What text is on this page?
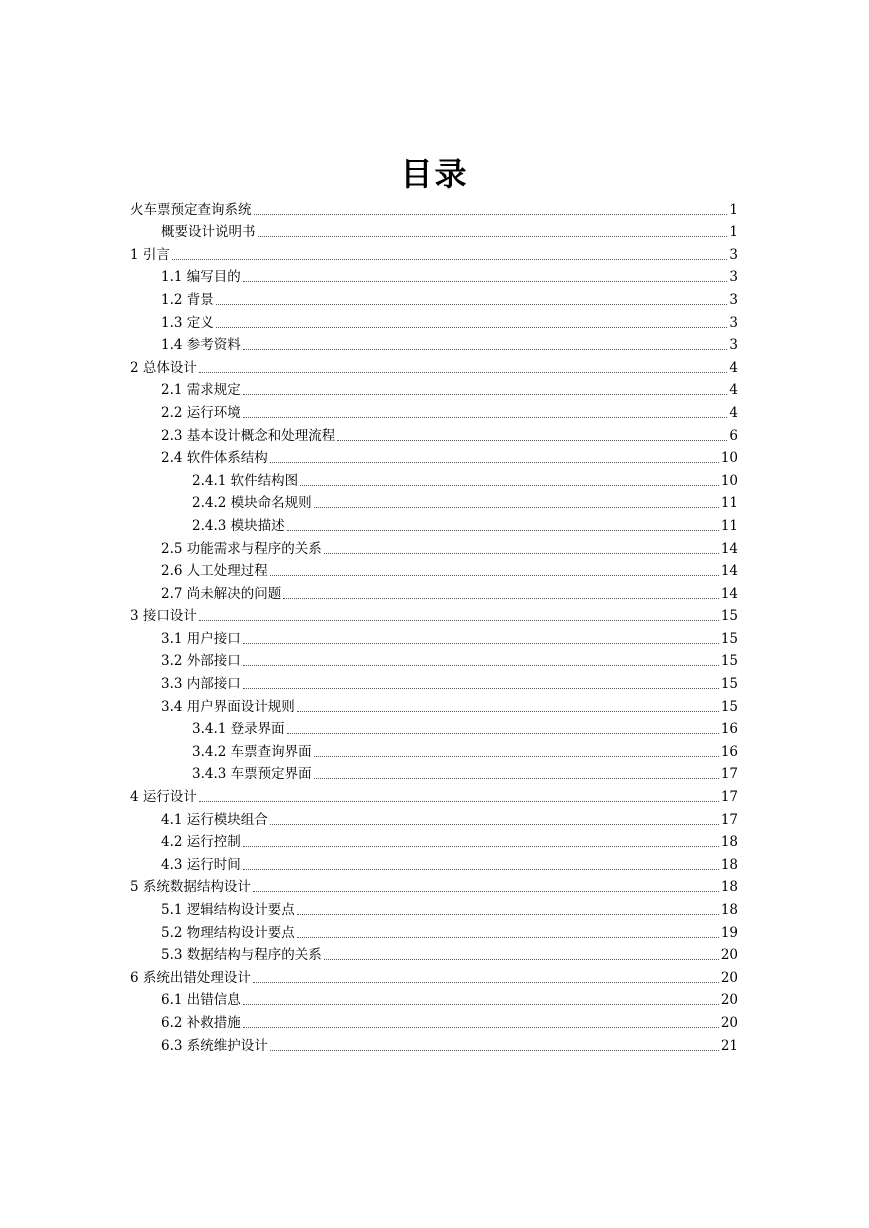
目录
火车票预定查询系统	1
概要设计说明书	1
1 引言	3
1.1 编写目的	3
1.2 背景	3
1.3 定义	3
1.4 参考资料	3
2 总体设计	4
2.1 需求规定	4
2.2 运行环境	4
2.3 基本设计概念和处理流程	6
2.4 软件体系结构	10
2.4.1 软件结构图	10
2.4.2 模块命名规则	11
2.4.3 模块描述	11
2.5 功能需求与程序的关系	14
2.6 人工处理过程	14
2.7 尚未解决的问题	14
3 接口设计	15
3.1 用户接口	15
3.2 外部接口	15
3.3 内部接口	15
3.4 用户界面设计规则	15
3.4.1 登录界面	16
3.4.2 车票查询界面	16
3.4.3 车票预定界面	17
4 运行设计	17
4.1 运行模块组合	17
4.2 运行控制	18
4.3 运行时间	18
5 系统数据结构设计	18
5.1 逻辑结构设计要点	18
5.2 物理结构设计要点	19
5.3 数据结构与程序的关系	20
6 系统出错处理设计	20
6.1 出错信息	20
6.2 补救措施	20
6.3 系统维护设计	21
